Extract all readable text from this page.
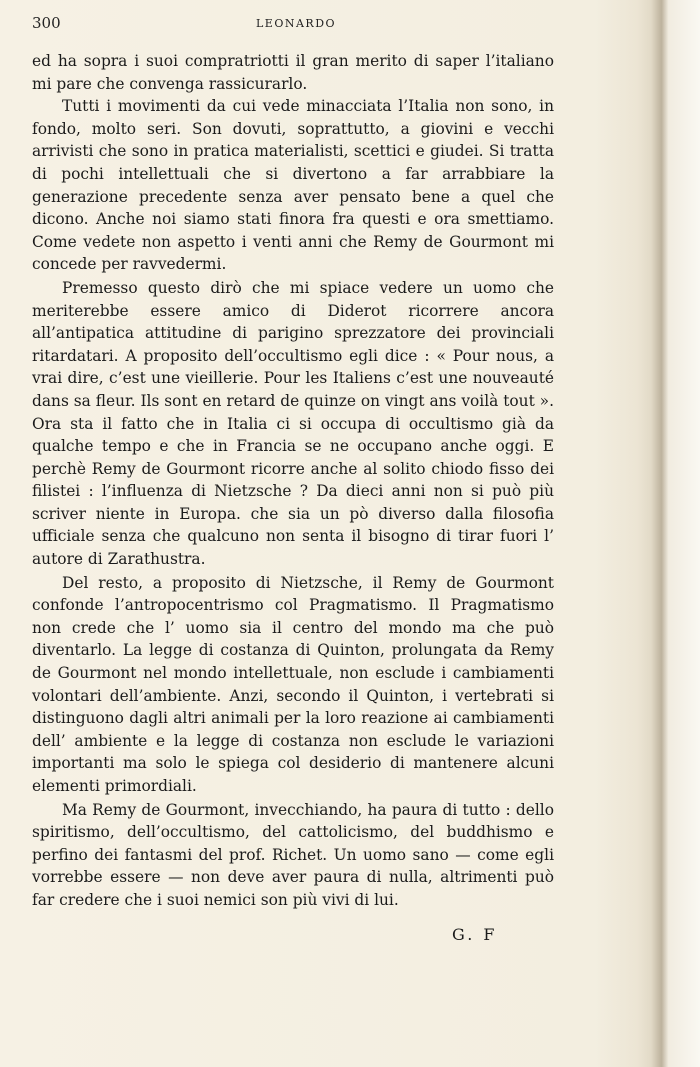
300	LEONARDO

ed ha sopra i suoi compratriotti il gran merito di saper l’italiano mi pare che convenga rassicurarlo.

Tutti i movimenti da cui vede minacciata l’Italia non sono, in fondo, molto seri. Son dovuti, soprattutto, a giovini e vecchi arrivisti che sono in pratica materialisti, scettici e giudei. Si tratta di pochi intellettuali che si divertono a far arrabbiare la generazione precedente senza aver pensato bene a quel che dicono. Anche noi siamo stati finora fra questi e ora smettiamo. Come vedete non aspetto i venti anni che Remy de Gourmont mi concede per ravvedermi.

Premesso questo dirò che mi spiace vedere un uomo che meriterebbe essere amico di Diderot ricorrere ancora all’antipatica attitudine di parigino sprezzatore dei provinciali ritardatari. A proposito dell’occultismo egli dice : « Pour nous, a vrai dire, c’est une vieillerie. Pour les Italiens c’est une nouveauté dans sa fleur. Ils sont en retard de quinze on vingt ans voilà tout ». Ora sta il fatto che in Italia ci si occupa di occultismo già da qualche tempo e che in Francia se ne occupano anche oggi. E perchè Remy de Gourmont ricorre anche al solito chiodo fisso dei filistei : l’influenza di Nietzsche ? Da dieci anni non si può più scriver niente in Europa. che sia un pò diverso dalla filosofia ufficiale senza che qualcuno non senta il bisogno di tirar fuori l’ autore di Zarathustra.

Del resto, a proposito di Nietzsche, il Remy de Gourmont confonde l’antropocentrismo col Pragmatismo. Il Pragmatismo non crede che l’ uomo sia il centro del mondo ma che può diventarlo. La legge di costanza di Quinton, prolungata da Remy de Gourmont nel mondo intellettuale, non esclude i cambiamenti volontari dell’ambiente. Anzi, secondo il Quinton, i vertebrati si distinguono dagli altri animali per la loro reazione ai cambiamenti dell’ ambiente e la legge di costanza non esclude le variazioni importanti ma solo le spiega col desiderio di mantenere alcuni elementi primordiali.

Ma Remy de Gourmont, invecchiando, ha paura di tutto : dello spiritismo, dell’occultismo, del cattolicismo, del buddhismo e perfino dei fantasmi del prof. Richet. Un uomo sano — come egli vorrebbe essere — non deve aver paura di nulla, altrimenti può far credere che i suoi nemici son più vivi di lui.

G. F
